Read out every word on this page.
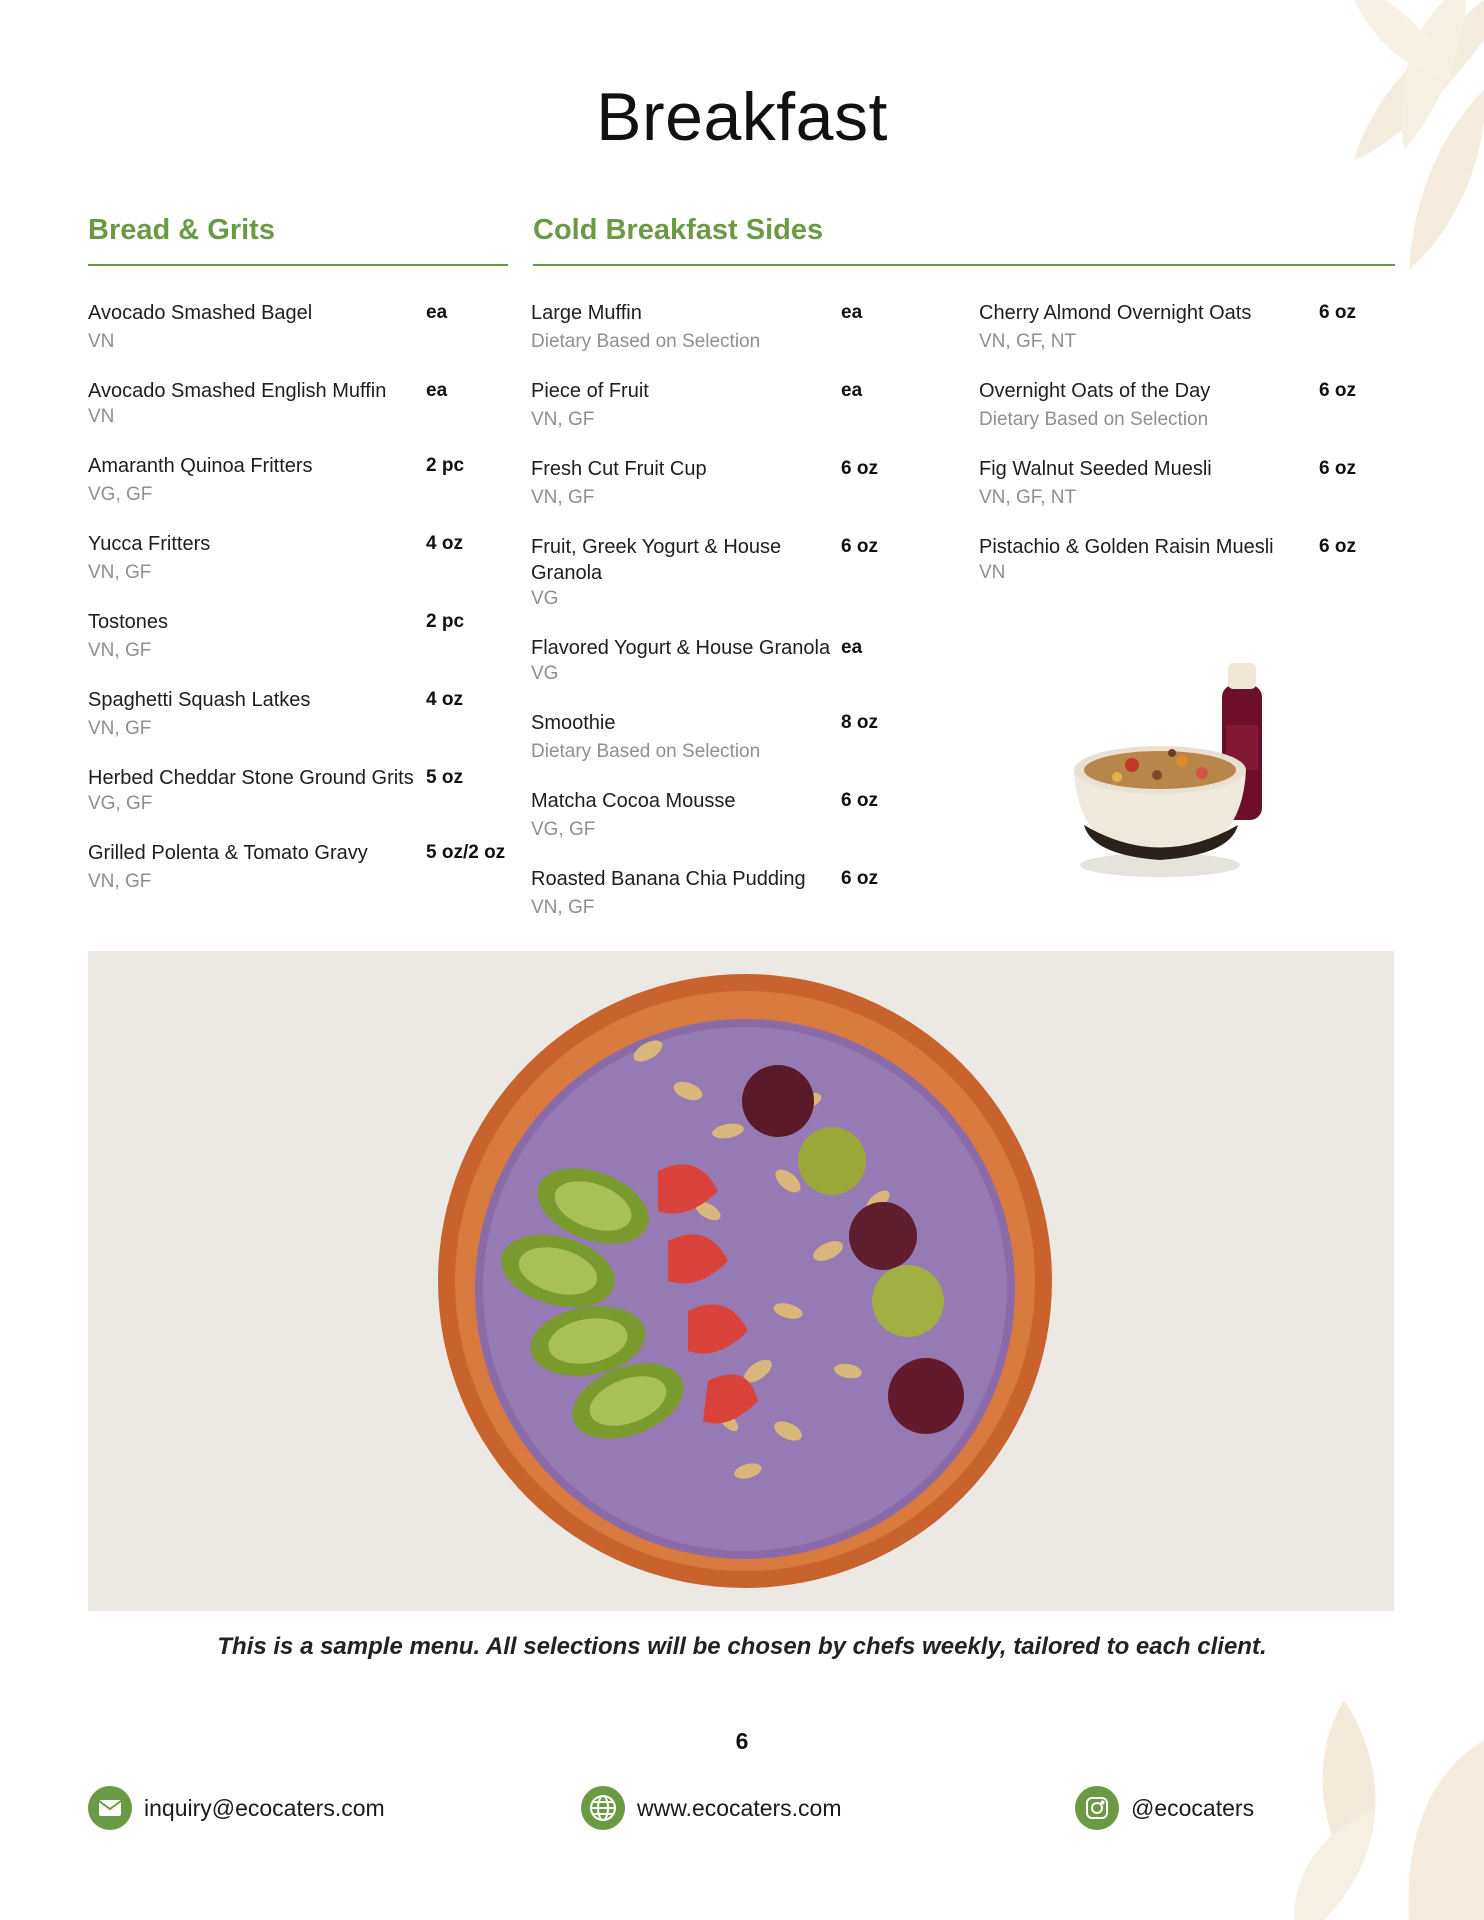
Breakfast
Bread & Grits	Cold Breakfast Sides
Avocado Smashed Bagel
VN
ea
Avocado Smashed English Muffin
VN
ea
Amaranth Quinoa Fritters
VG, GF
2 pc
Yucca Fritters
VN, GF
4 oz
Tostones
VN, GF
2 pc
Spaghetti Squash Latkes
VN, GF
4 oz
Herbed Cheddar Stone Ground Grits
VG, GF
5 oz
Grilled Polenta & Tomato Gravy
VN, GF
5 oz/2 oz
Large Muffin
Dietary Based on Selection
ea
Piece of Fruit
VN, GF
ea
Fresh Cut Fruit Cup
VN, GF
6 oz
Fruit, Greek Yogurt & House Granola
VG
6 oz
Flavored Yogurt & House Granola
VG
ea
Smoothie
Dietary Based on Selection
8 oz
Matcha Cocoa Mousse
VG, GF
6 oz
Roasted Banana Chia Pudding
VN, GF
6 oz
Cherry Almond Overnight Oats
VN, GF, NT
6 oz
Overnight Oats of the Day
Dietary Based on Selection
6 oz
Fig Walnut Seeded Muesli
VN, GF, NT
6 oz
Pistachio & Golden Raisin Muesli
VN
6 oz
This is a sample menu. All selections will be chosen by chefs weekly, tailored to each client.
6
inquiry@ecocaters.com	www.ecocaters.com	@ecocaters
